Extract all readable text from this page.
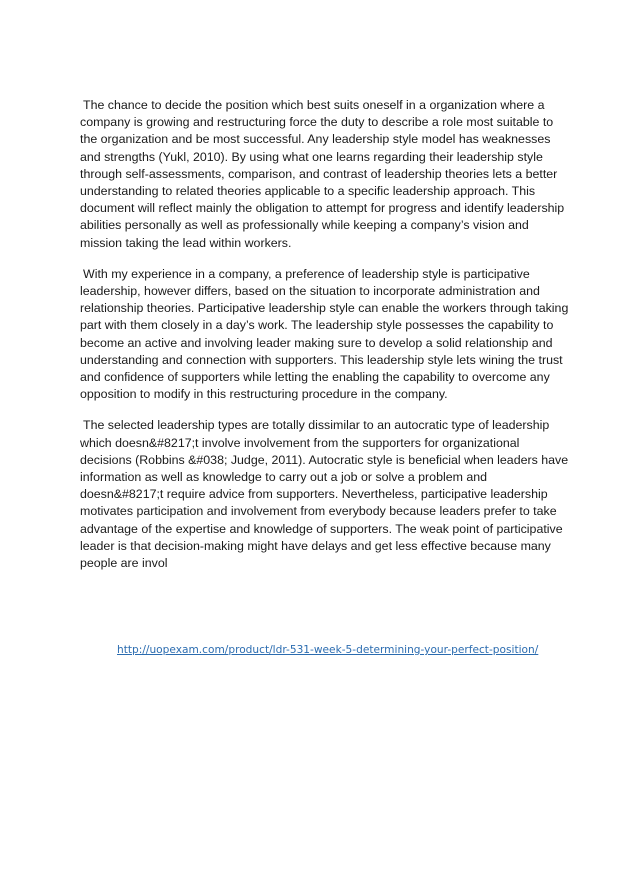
The chance to decide the position which best suits oneself in a organization where a company is growing and restructuring force the duty to describe a role most suitable to the organization and be most successful. Any leadership style model has weaknesses and strengths (Yukl, 2010). By using what one learns regarding their leadership style through self-assessments, comparison, and contrast of leadership theories lets a better understanding to related theories applicable to a specific leadership approach. This document will reflect mainly the obligation to attempt for progress and identify leadership abilities personally as well as professionally while keeping a company’s vision and mission taking the lead within workers.

With my experience in a company, a preference of leadership style is participative leadership, however differs, based on the situation to incorporate administration and relationship theories. Participative leadership style can enable the workers through taking part with them closely in a day’s work. The leadership style possesses the capability to become an active and involving leader making sure to develop a solid relationship and understanding and connection with supporters. This leadership style lets wining the trust and confidence of supporters while letting the enabling the capability to overcome any opposition to modify in this restructuring procedure in the company.

The selected leadership types are totally dissimilar to an autocratic type of leadership which doesn&#8217;t involve involvement from the supporters for organizational decisions (Robbins &#038; Judge, 2011). Autocratic style is beneficial when leaders have information as well as knowledge to carry out a job or solve a problem and doesn&#8217;t require advice from supporters. Nevertheless, participative leadership motivates participation and involvement from everybody because leaders prefer to take advantage of the expertise and knowledge of supporters. The weak point of participative leader is that decision-making might have delays and get less effective because many people are invol

http://uopexam.com/product/ldr-531-week-5-determining-your-perfect-position/
